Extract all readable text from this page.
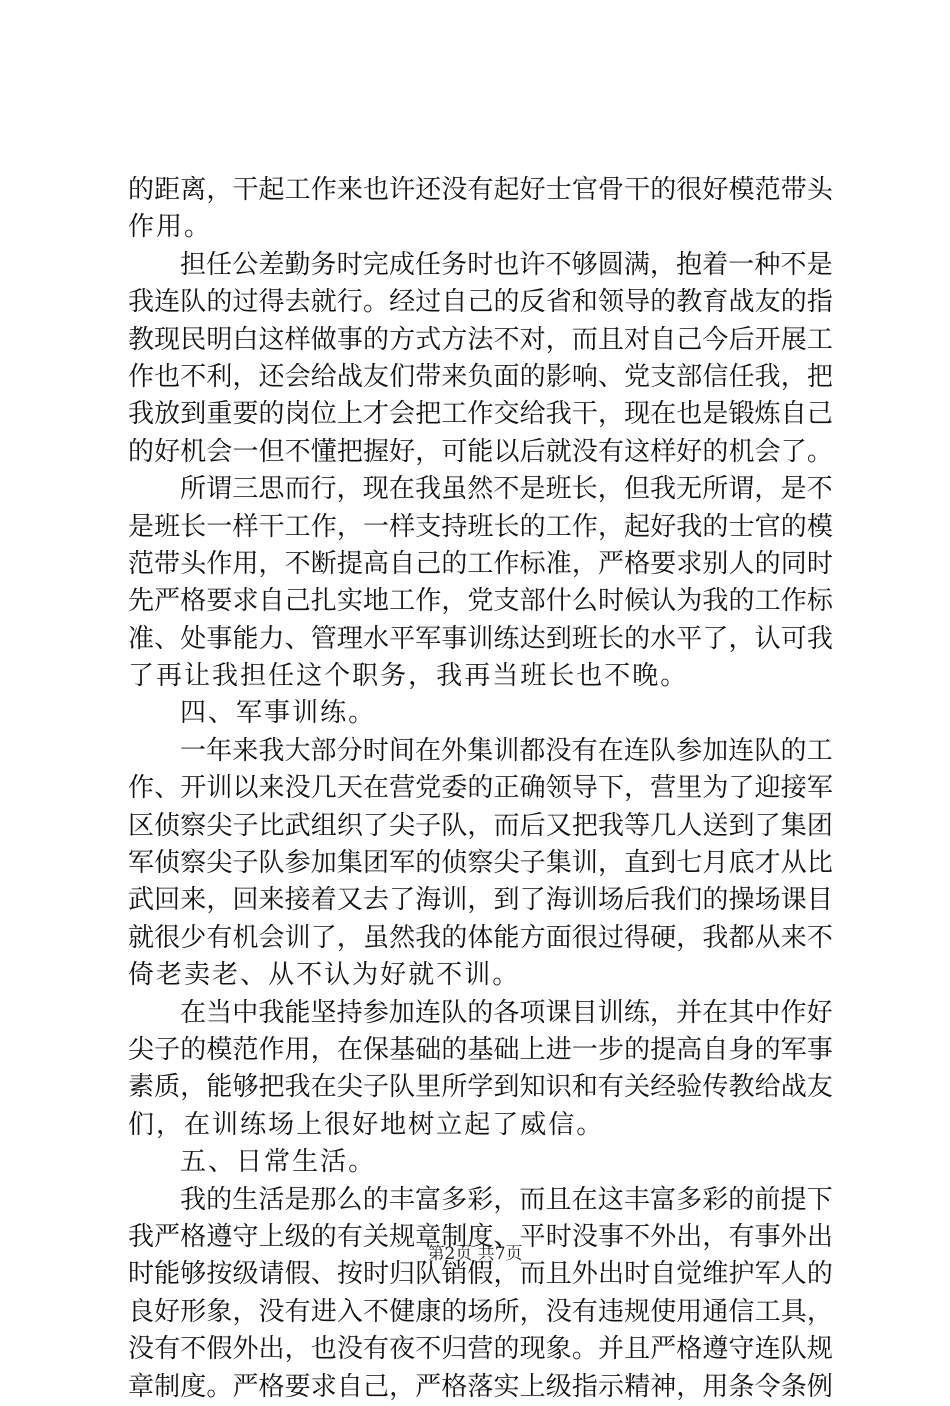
的 距 离 ， 干 起 工 作 来 也 许 还 没 有 起 好 士 官 骨 干 的 很 好 模 范 带 头
作 用 。
担 任 公 差 勤 务 时 完 成 任 务 时 也 许 不 够 圆 满 ， 抱 着 一 种 不 是
我 连 队 的 过 得 去 就 行 。 经 过 自 己 的 反 省 和 领 导 的 教 育 战 友 的 指
教 现 民 明 白 这 样 做 事 的 方 式 方 法 不 对 ， 而 且 对 自 己 今 后 开 展 工
作 也 不 利 ， 还 会 给 战 友 们 带 来 负 面 的 影 响 、 党 支 部 信 任 我 ， 把
我 放 到 重 要 的 岗 位 上 才 会 把 工 作 交 给 我 干 ， 现 在 也 是 锻 炼 自 己
的 好 机 会 一 但 不 懂 把 握 好 ， 可 能 以 后 就 没 有 这 样 好 的 机 会 了 。
所 谓 三 思 而 行 ， 现 在 我 虽 然 不 是 班 长 ， 但 我 无 所 谓 ， 是 不
是 班 长 一 样 干 工 作 ， 一 样 支 持 班 长 的 工 作 ， 起 好 我 的 士 官 的 模
范 带 头 作 用 ， 不 断 提 高 自 己 的 工 作 标 准 ， 严 格 要 求 别 人 的 同 时
先 严 格 要 求 自 己 扎 实 地 工 作 ， 党 支 部 什 么 时 候 认 为 我 的 工 作 标
准 、 处 事 能 力 、 管 理 水 平 军 事 训 练 达 到 班 长 的 水 平 了 ， 认 可 我
了 再 让 我 担 任 这 个 职 务 ， 我 再 当 班 长 也 不 晚 。
四 、 军 事 训 练 。
一 年 来 我 大 部 分 时 间 在 外 集 训 都 没 有 在 连 队 参 加 连 队 的 工
作 、 开 训 以 来 没 几 天 在 营 党 委 的 正 确 领 导 下 ， 营 里 为 了 迎 接 军
区 侦 察 尖 子 比 武 组 织 了 尖 子 队 ， 而 后 又 把 我 等 几 人 送 到 了 集 团
军 侦 察 尖 子 队 参 加 集 团 军 的 侦 察 尖 子 集 训 ， 直 到 七 月 底 才 从 比
武 回 来 ， 回 来 接 着 又 去 了 海 训 ， 到 了 海 训 场 后 我 们 的 操 场 课 目
就 很 少 有 机 会 训 了 ， 虽 然 我 的 体 能 方 面 很 过 得 硬 ， 我 都 从 来 不
倚 老 卖 老 、 从 不 认 为 好 就 不 训 。
在 当 中 我 能 坚 持 参 加 连 队 的 各 项 课 目 训 练 ， 并 在 其 中 作 好
尖 子 的 模 范 作 用 ， 在 保 基 础 的 基 础 上 进 一 步 的 提 高 自 身 的 军 事
素 质 ， 能 够 把 我 在 尖 子 队 里 所 学 到 知 识 和 有 关 经 验 传 教 给 战 友
们 ， 在 训 练 场 上 很 好 地 树 立 起 了 威 信 。
五 、 日 常 生 活 。
我 的 生 活 是 那 么 的 丰 富 多 彩 ， 而 且 在 这 丰 富 多 彩 的 前 提 下
我 严 格 遵 守 上 级 的 有 关 规 章 制 度 、 平 时 没 事 不 外 出 ， 有 事 外 出
时 能 够 按 级 请 假 、 按 时 归 队 销 假 ， 而 且 外 出 时 自 觉 维 护 军 人 的
良 好 形 象 ， 没 有 进 入 不 健 康 的 场 所 ， 没 有 违 规 使 用 通 信 工 具 ，
没 有 不 假 外 出 ， 也 没 有 夜 不 归 营 的 现 象 。 并 且 严 格 遵 守 连 队 规
章 制 度 。 严 格 要 求 自 己 ， 严 格 落 实 上 级 指 示 精 神 ， 用 条 令 条 例
第2页 共7页
